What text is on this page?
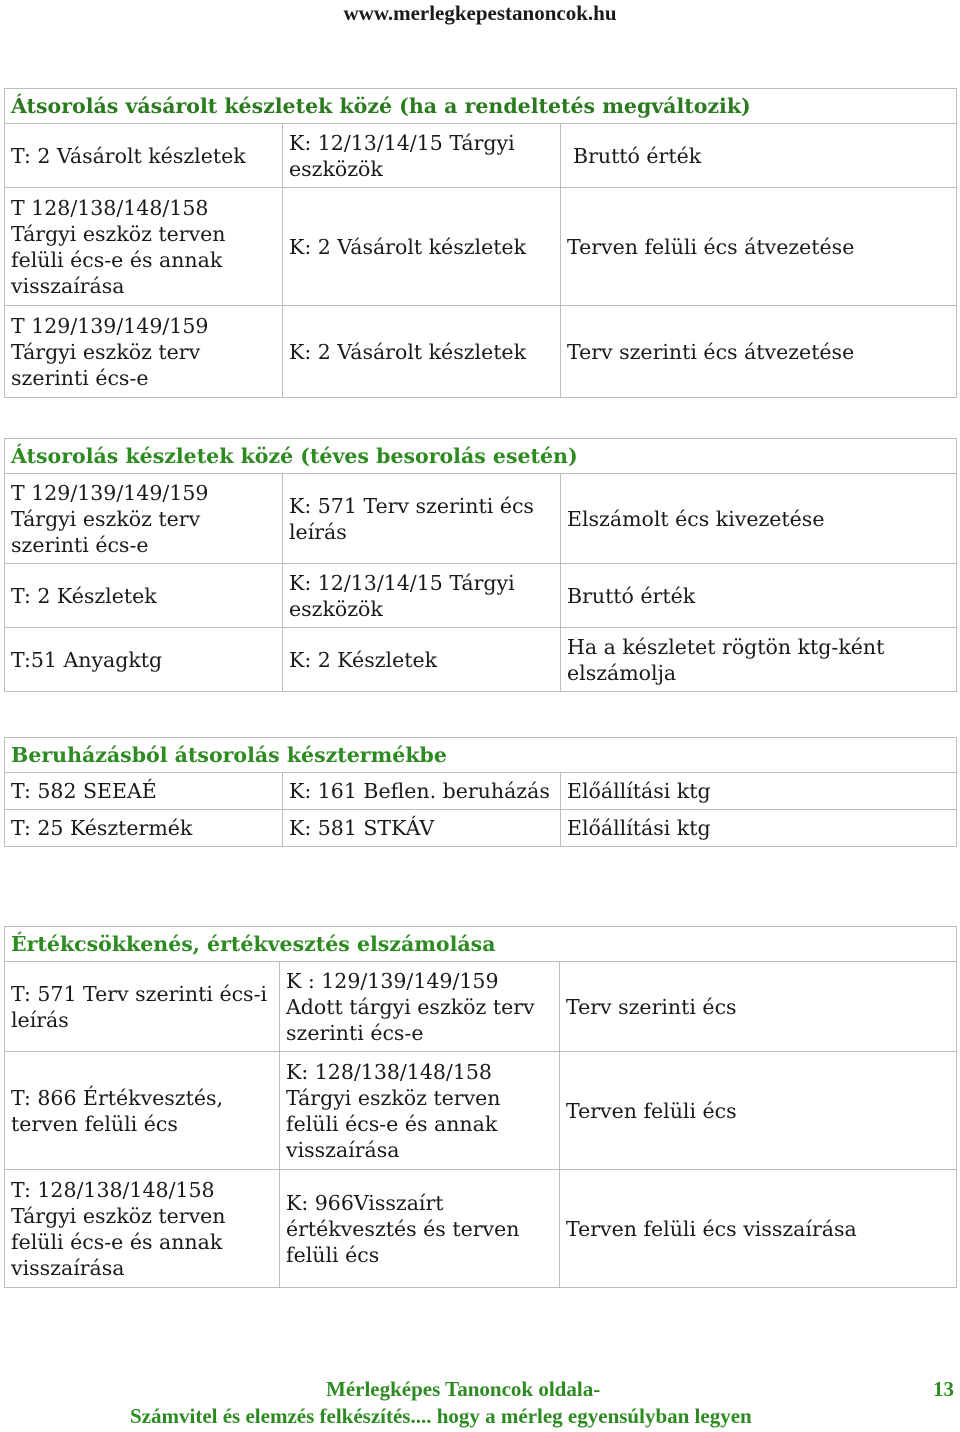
www.merlegkepestanoncok.hu
Átsorolás vásárolt készletek közé (ha a rendeltetés megváltozik)		
T: 2 Vásárolt készletek	K: 12/13/14/15 Tárgyi eszközök	Bruttó érték
T 128/138/148/158 Tárgyi eszköz terven felüli écs-e és annak visszaírása	K: 2 Vásárolt készletek	Terven felüli écs átvezetése
T 129/139/149/159 Tárgyi eszköz terv szerinti écs-e	K: 2 Vásárolt készletek	Terv szerinti écs átvezetése
Átsorolás készletek közé (téves besorolás esetén)		
T 129/139/149/159 Tárgyi eszköz terv szerinti écs-e	K: 571 Terv szerinti écs leírás	Elszámolt écs kivezetése
T: 2 Készletek	K: 12/13/14/15 Tárgyi eszközök	Bruttó érték
T:51 Anyagktg	K: 2 Készletek	Ha a készletet rögtön ktg-ként elszámolja
Beruházásból átsorolás késztermékbe		
T: 582 SEEAÉ	K: 161 Beflen. beruházás	Előállítási ktg
T: 25 Késztermék	K: 581 STKÁV	Előállítási ktg
Értékcsökkenés, értékvesztés elszámolása		
T: 571 Terv szerinti écs-i leírás	K : 129/139/149/159 Adott tárgyi eszköz terv szerinti écs-e	Terv szerinti écs
T: 866 Értékvesztés, terven felüli écs	K: 128/138/148/158 Tárgyi eszköz terven felüli écs-e és annak visszaírása	Terven felüli écs
T: 128/138/148/158 Tárgyi eszköz terven felüli écs-e és annak visszaírása	K: 966Visszaírt értékvesztés és terven felüli écs	Terven felüli écs visszaírása
Mérlegképes Tanoncok oldala-
Számvitel és elemzés felkészítés.... hogy a mérleg egyensúlyban legyen
13
